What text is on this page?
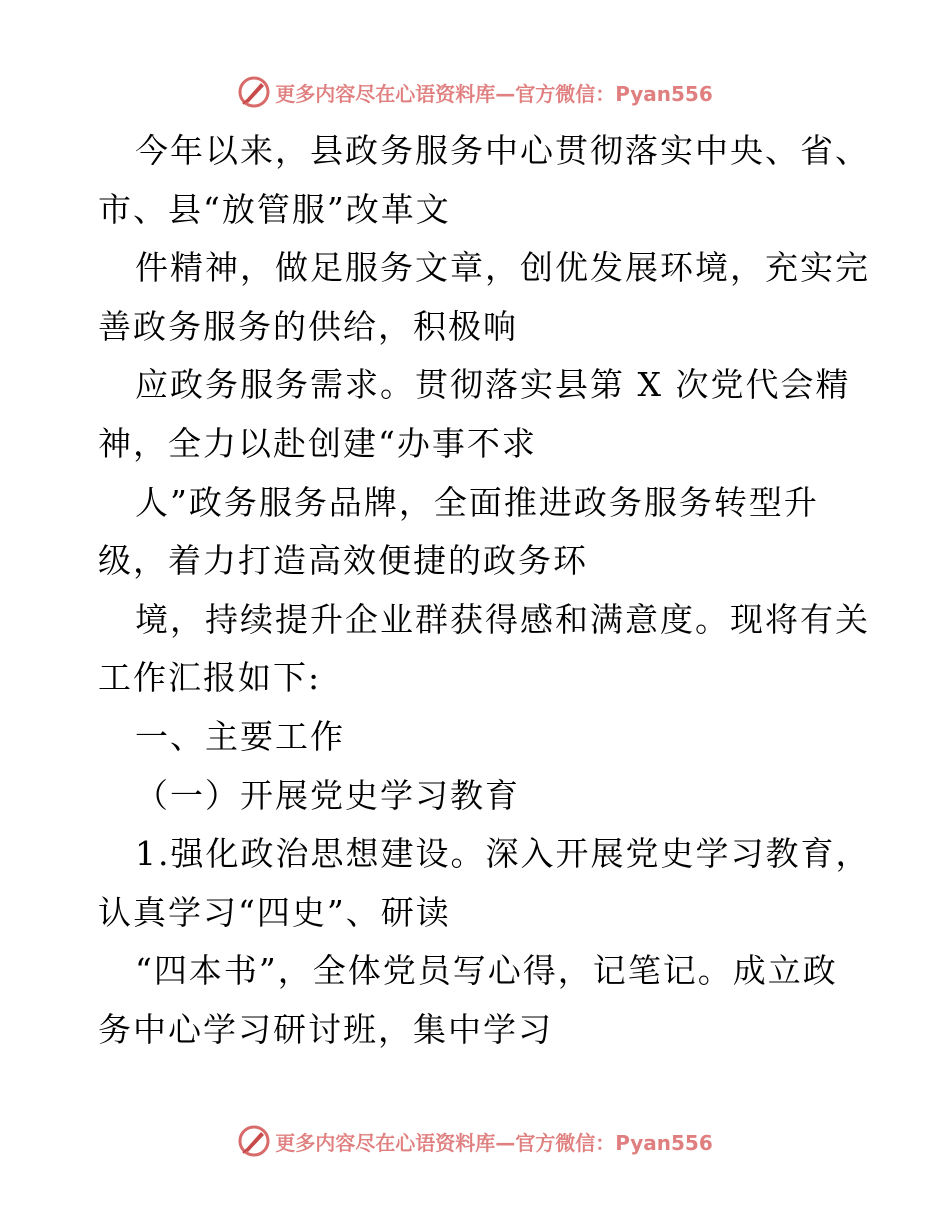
更多内容尽在心语资料库—官方微信：Pyan556
今年以来，县政务服务中心贯彻落实中央、省、
市、县“放管服”改革文
件精神，做足服务文章，创优发展环境，充实完
善政务服务的供给，积极响
应政务服务需求。贯彻落实县第 X 次党代会精
神，全力以赴创建“办事不求
人”政务服务品牌，全面推进政务服务转型升
级，着力打造高效便捷的政务环
境，持续提升企业群获得感和满意度。现将有关
工作汇报如下:
一、主要工作
（一）开展党史学习教育
1.强化政治思想建设。深入开展党史学习教育，
认真学习“四史”、研读
“四本书”，全体党员写心得，记笔记。成立政
务中心学习研讨班，集中学习
更多内容尽在心语资料库—官方微信：Pyan556
